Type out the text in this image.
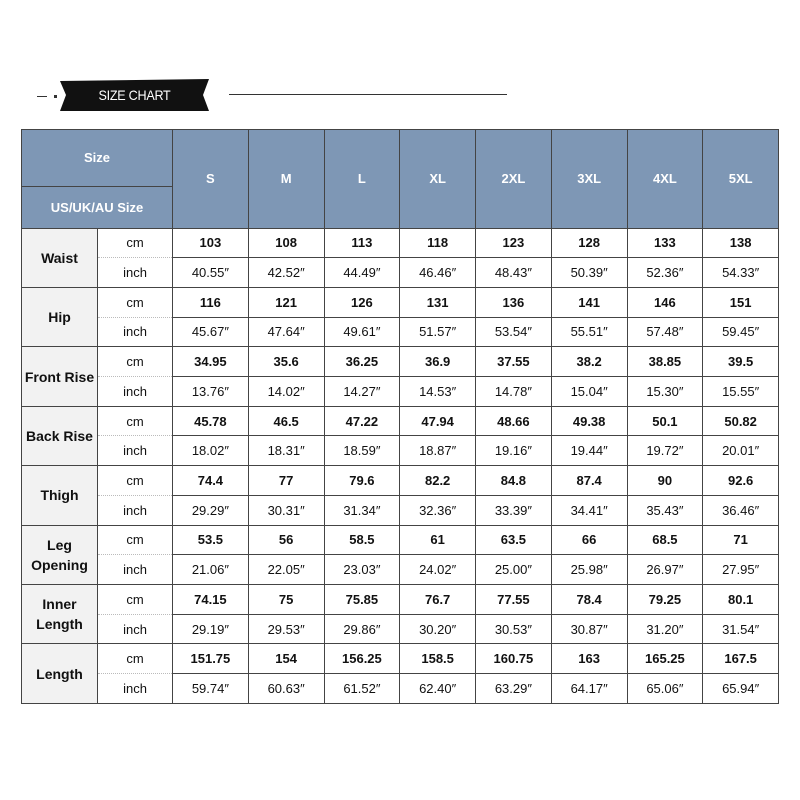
SIZE CHART
Size		S	M	L	XL	2XL	3XL	4XL	5XL
US/UK/AU Size									
Waist	cm	103	108	113	118	123	128	133	138
	inch	40.55″	42.52″	44.49″	46.46″	48.43″	50.39″	52.36″	54.33″
Hip	cm	116	121	126	131	136	141	146	151
	inch	45.67″	47.64″	49.61″	51.57″	53.54″	55.51″	57.48″	59.45″
Front Rise	cm	34.95	35.6	36.25	36.9	37.55	38.2	38.85	39.5
	inch	13.76″	14.02″	14.27″	14.53″	14.78″	15.04″	15.30″	15.55″
Back Rise	cm	45.78	46.5	47.22	47.94	48.66	49.38	50.1	50.82
	inch	18.02″	18.31″	18.59″	18.87″	19.16″	19.44″	19.72″	20.01″
Thigh	cm	74.4	77	79.6	82.2	84.8	87.4	90	92.6
	inch	29.29″	30.31″	31.34″	32.36″	33.39″	34.41″	35.43″	36.46″
Leg Opening	cm	53.5	56	58.5	61	63.5	66	68.5	71
	inch	21.06″	22.05″	23.03″	24.02″	25.00″	25.98″	26.97″	27.95″
Inner Length	cm	74.15	75	75.85	76.7	77.55	78.4	79.25	80.1
	inch	29.19″	29.53″	29.86″	30.20″	30.53″	30.87″	31.20″	31.54″
Length	cm	151.75	154	156.25	158.5	160.75	163	165.25	167.5
	inch	59.74″	60.63″	61.52″	62.40″	63.29″	64.17″	65.06″	65.94″
